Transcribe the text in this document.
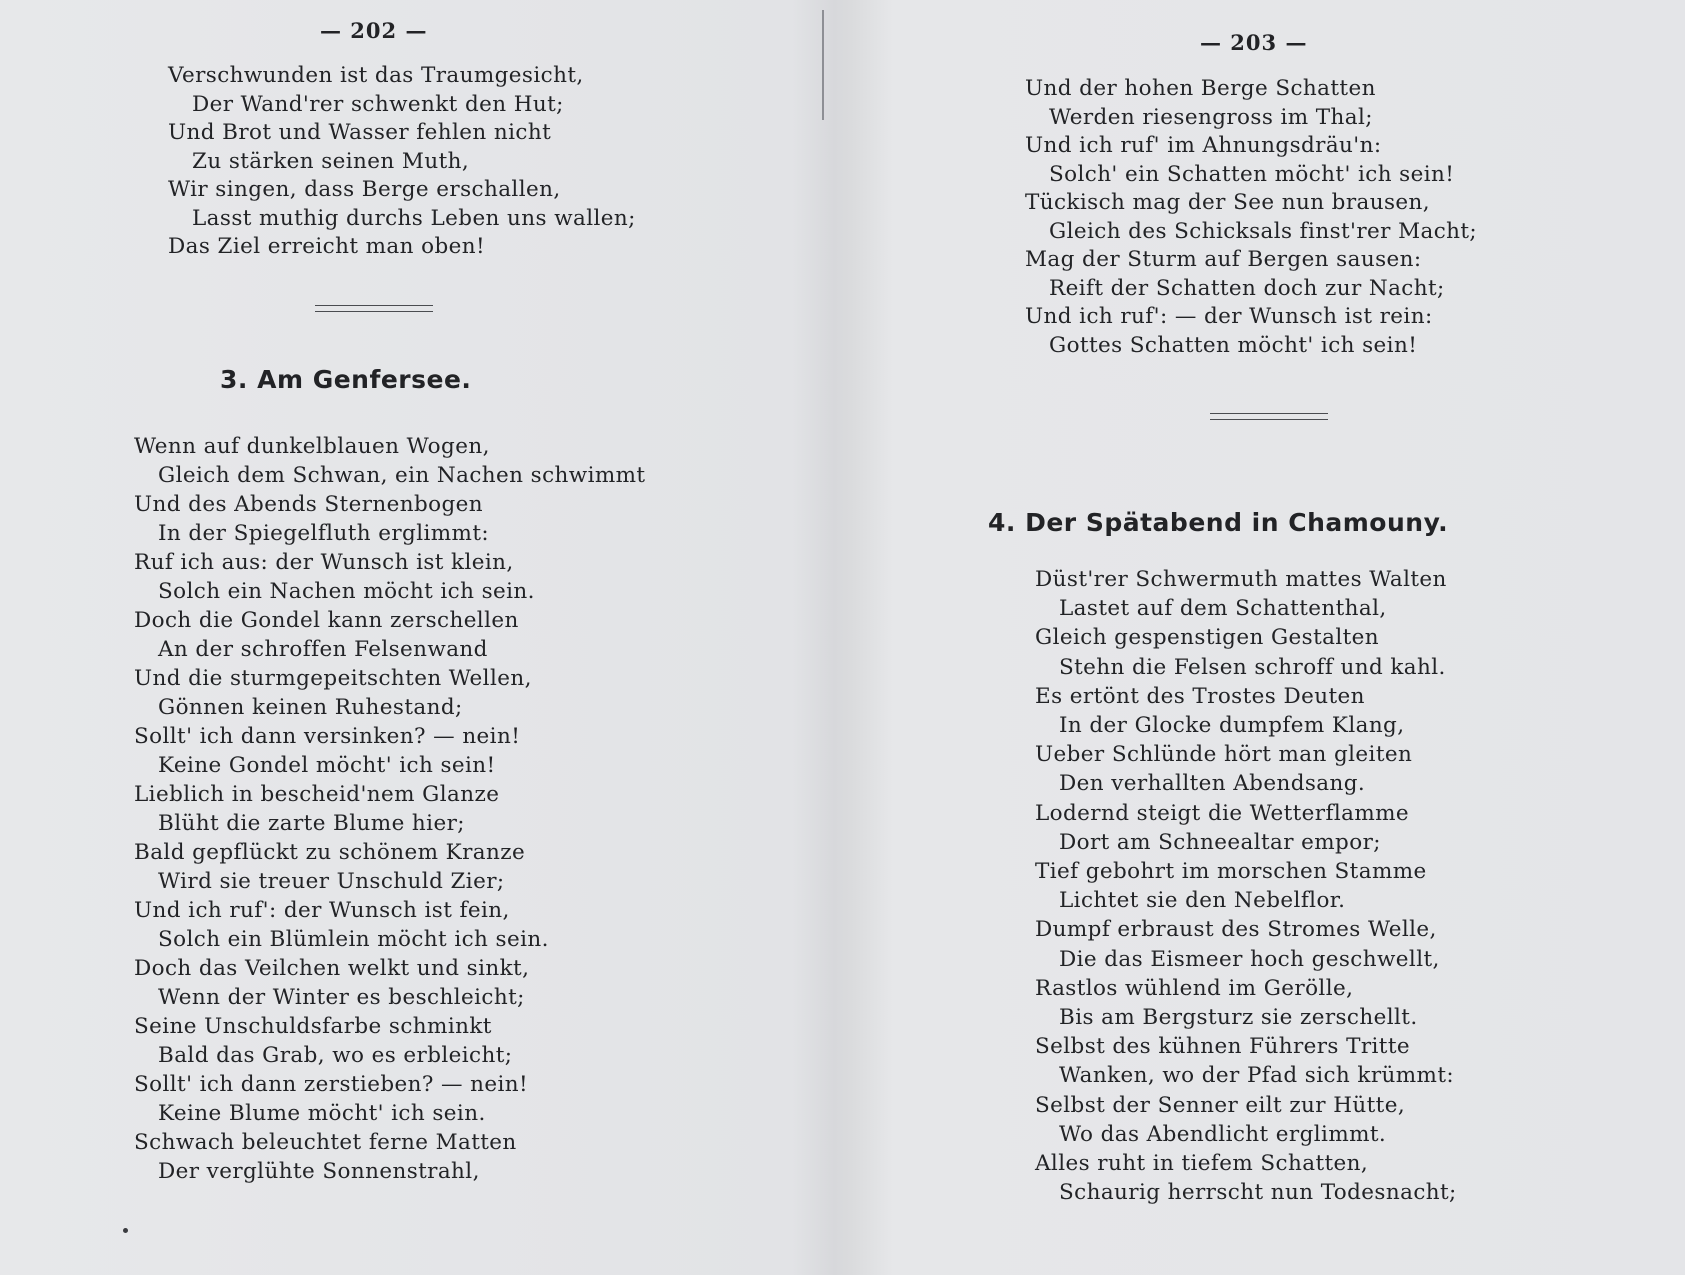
— 202 —
Verschwunden ist das Traumgesicht,
Der Wand'rer schwenkt den Hut;
Und Brot und Wasser fehlen nicht
Zu stärken seinen Muth,
Wir singen, dass Berge erschallen,
Lasst muthig durchs Leben uns wallen;
Das Ziel erreicht man oben!
3. Am Genfersee.
Wenn auf dunkelblauen Wogen,
Gleich dem Schwan, ein Nachen schwimmt
Und des Abends Sternenbogen
In der Spiegelfluth erglimmt:
Ruf ich aus: der Wunsch ist klein,
Solch ein Nachen möcht ich sein.
Doch die Gondel kann zerschellen
An der schroffen Felsenwand
Und die sturmgepeitschten Wellen,
Gönnen keinen Ruhestand;
Sollt' ich dann versinken? — nein!
Keine Gondel möcht' ich sein!
Lieblich in bescheid'nem Glanze
Blüht die zarte Blume hier;
Bald gepflückt zu schönem Kranze
Wird sie treuer Unschuld Zier;
Und ich ruf': der Wunsch ist fein,
Solch ein Blümlein möcht ich sein.
Doch das Veilchen welkt und sinkt,
Wenn der Winter es beschleicht;
Seine Unschuldsfarbe schminkt
Bald das Grab, wo es erbleicht;
Sollt' ich dann zerstieben? — nein!
Keine Blume möcht' ich sein.
Schwach beleuchtet ferne Matten
Der verglühte Sonnenstrahl,
— 203 —
Und der hohen Berge Schatten
Werden riesengross im Thal;
Und ich ruf' im Ahnungsdräu'n:
Solch' ein Schatten möcht' ich sein!
Tückisch mag der See nun brausen,
Gleich des Schicksals finst'rer Macht;
Mag der Sturm auf Bergen sausen:
Reift der Schatten doch zur Nacht;
Und ich ruf': — der Wunsch ist rein:
Gottes Schatten möcht' ich sein!
4. Der Spätabend in Chamouny.
Düst'rer Schwermuth mattes Walten
Lastet auf dem Schattenthal,
Gleich gespenstigen Gestalten
Stehn die Felsen schroff und kahl.
Es ertönt des Trostes Deuten
In der Glocke dumpfem Klang,
Ueber Schlünde hört man gleiten
Den verhallten Abendsang.
Lodernd steigt die Wetterflamme
Dort am Schneealtar empor;
Tief gebohrt im morschen Stamme
Lichtet sie den Nebelflor.
Dumpf erbraust des Stromes Welle,
Die das Eismeer hoch geschwellt,
Rastlos wühlend im Gerölle,
Bis am Bergsturz sie zerschellt.
Selbst des kühnen Führers Tritte
Wanken, wo der Pfad sich krümmt:
Selbst der Senner eilt zur Hütte,
Wo das Abendlicht erglimmt.
Alles ruht in tiefem Schatten,
Schaurig herrscht nun Todesnacht;
